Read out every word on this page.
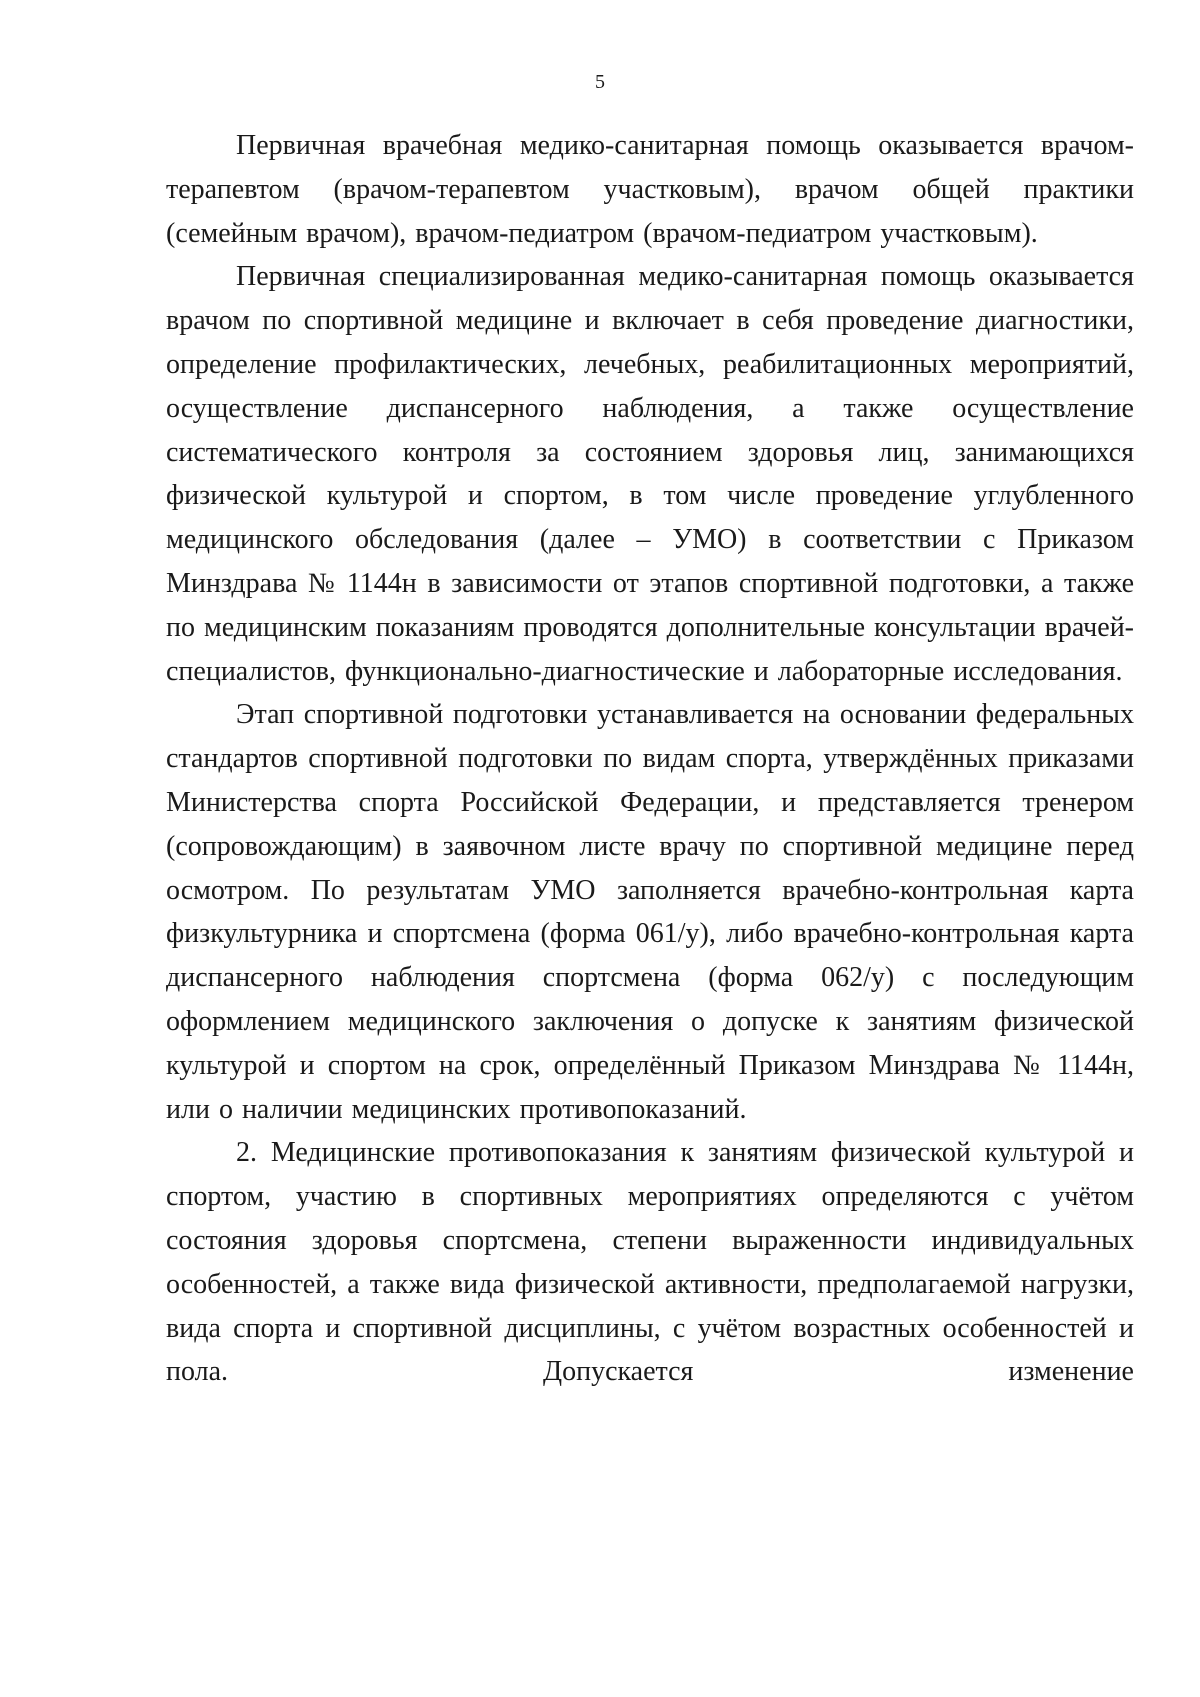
5

Первичная врачебная медико-санитарная помощь оказывается врачом-терапевтом (врачом-терапевтом участковым), врачом общей практики (семейным врачом), врачом-педиатром (врачом-педиатром участковым).

Первичная специализированная медико-санитарная помощь оказывается врачом по спортивной медицине и включает в себя проведение диагностики, определение профилактических, лечебных, реабилитационных мероприятий, осуществление диспансерного наблюдения, а также осуществление систематического контроля за состоянием здоровья лиц, занимающихся физической культурой и спортом, в том числе проведение углубленного медицинского обследования (далее – УМО) в соответствии с Приказом Минздрава № 1144н в зависимости от этапов спортивной подготовки, а также по медицинским показаниям проводятся дополнительные консультации врачей-специалистов, функционально-диагностические и лабораторные исследования.

Этап спортивной подготовки устанавливается на основании федеральных стандартов спортивной подготовки по видам спорта, утверждённых приказами Министерства спорта Российской Федерации, и представляется тренером (сопровождающим) в заявочном листе врачу по спортивной медицине перед осмотром. По результатам УМО заполняется врачебно-контрольная карта физкультурника и спортсмена (форма 061/у), либо врачебно-контрольная карта диспансерного наблюдения спортсмена (форма 062/у) с последующим оформлением медицинского заключения о допуске к занятиям физической культурой и спортом на срок, определённый Приказом Минздрава № 1144н, или о наличии медицинских противопоказаний.

2. Медицинские противопоказания к занятиям физической культурой и спортом, участию в спортивных мероприятиях определяются с учётом состояния здоровья спортсмена, степени выраженности индивидуальных особенностей, а также вида физической активности, предполагаемой нагрузки, вида спорта и спортивной дисциплины, с учётом возрастных особенностей и пола. Допускается изменение
